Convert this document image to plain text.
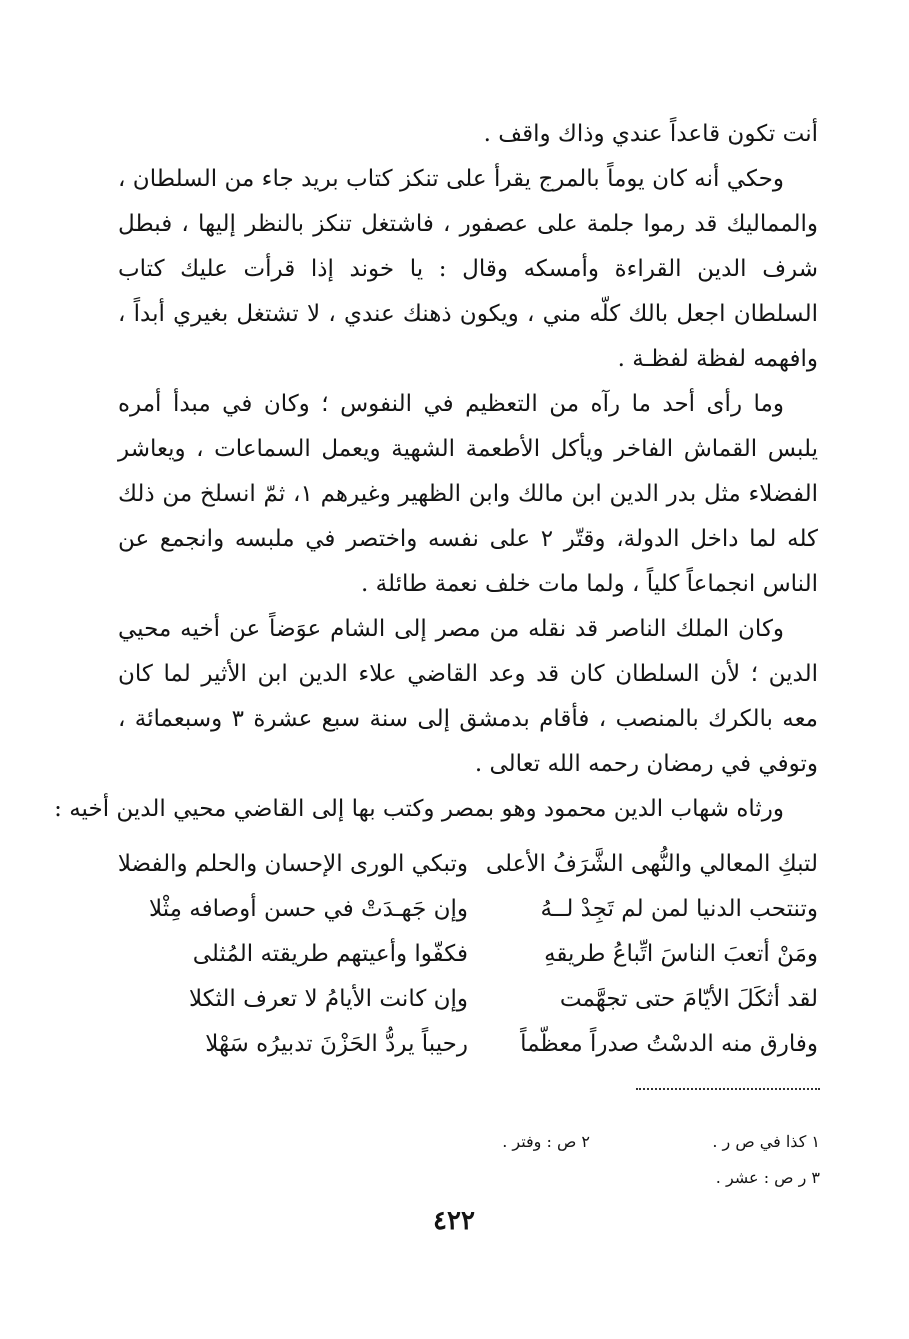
أنت تكون قاعداً عندي وذاك واقف .

وحكي أنه كان يوماً بالمرج يقرأ على تنكز كتاب بريد جاء من السلطان ، والمماليك قد رموا جلمة على عصفور ، فاشتغل تنكز بالنظر إليها ، فبطل شرف الدين القراءة وأمسكه وقال : يا خوند إذا قرأت عليك كتاب السلطان اجعل بالك كلّه مني ، ويكون ذهنك عندي ، لا تشتغل بغيري أبداً ، وافهمه لفظة لفظـة .

وما رأى أحد ما رآه من التعظيم في النفوس ؛ وكان في مبدأ أمره يلبس القماش الفاخر ويأكل الأطعمة الشهية ويعمل السماعات ، ويعاشر الفضلاء مثل بدر الدين ابن مالك وابن الظهير وغيرهم ١، ثمّ انسلخ من ذلك كله لما داخل الدولة، وقتّر ٢ على نفسه واختصر في ملبسه وانجمع عن الناس انجماعاً كلياً ، ولما مات خلف نعمة طائلة .

وكان الملك الناصر قد نقله من مصر إلى الشام عوَضاً عن أخيه محيي الدين ؛ لأن السلطان كان قد وعد القاضي علاء الدين ابن الأثير لما كان معه بالكرك بالمنصب ، فأقام بدمشق إلى سنة سبع عشرة ٣ وسبعمائة ، وتوفي في رمضان رحمه الله تعالى .

ورثاه شهاب الدين محمود وهو بمصر وكتب بها إلى القاضي محيي الدين أخيه :

لتبكِ المعالي والنُّهى الشَّرَفُ الأعلى
وتبكي الورى الإحسان والحلم والفضلا
وتنتحب الدنيا لمن لم تَجِدْ لــهُ
وإن جَهـدَتْ في حسن أوصافه مِثْلا
ومَنْ أتعبَ الناسَ اتِّباعُ طريقهِ
فكفّوا وأعيتهم طريقته المُثلى
لقد أثكَلَ الأيّامَ حتى تجهَّمت
وإن كانت الأيامُ لا تعرف الثكلا
وفارق منه الدسْتُ صدراً معظّماً
رحيباً يردُّ الحَزْنَ تدبيرُه سَهْلا
١ كذا في ص ر .
٢ ص : وفتر .
٣ ر ص : عشر .
٤٢٢
